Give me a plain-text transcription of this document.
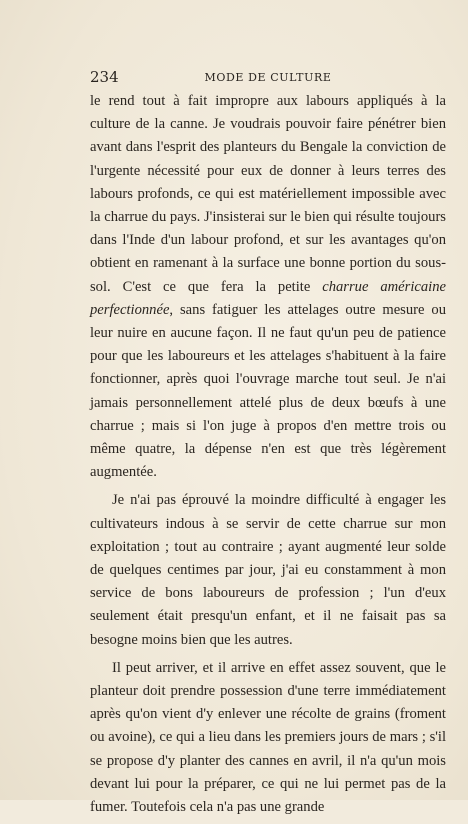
234	MODE DE CULTURE

le rend tout à fait impropre aux labours appliqués à la culture de la canne. Je voudrais pouvoir faire pénétrer bien avant dans l'esprit des planteurs du Bengale la conviction de l'urgente nécessité pour eux de donner à leurs terres des labours profonds, ce qui est matériellement impossible avec la charrue du pays. J'insisterai sur le bien qui résulte toujours dans l'Inde d'un labour profond, et sur les avantages qu'on obtient en ramenant à la surface une bonne portion du sous-sol. C'est ce que fera la petite charrue américaine perfectionnée, sans fatiguer les attelages outre mesure ou leur nuire en aucune façon. Il ne faut qu'un peu de patience pour que les laboureurs et les attelages s'habituent à la faire fonctionner, après quoi l'ouvrage marche tout seul. Je n'ai jamais personnellement attelé plus de deux bœufs à une charrue ; mais si l'on juge à propos d'en mettre trois ou même quatre, la dépense n'en est que très légèrement augmentée.

Je n'ai pas éprouvé la moindre difficulté à engager les cultivateurs indous à se servir de cette charrue sur mon exploitation ; tout au contraire ; ayant augmenté leur solde de quelques centimes par jour, j'ai eu constamment à mon service de bons laboureurs de profession ; l'un d'eux seulement était presqu'un enfant, et il ne faisait pas sa besogne moins bien que les autres.

Il peut arriver, et il arrive en effet assez souvent, que le planteur doit prendre possession d'une terre immédiatement après qu'on vient d'y enlever une récolte de grains (froment ou avoine), ce qui a lieu dans les premiers jours de mars ; s'il se propose d'y planter des cannes en avril, il n'a qu'un mois devant lui pour la préparer, ce qui ne lui permet pas de la fumer. Toutefois cela n'a pas une grande
